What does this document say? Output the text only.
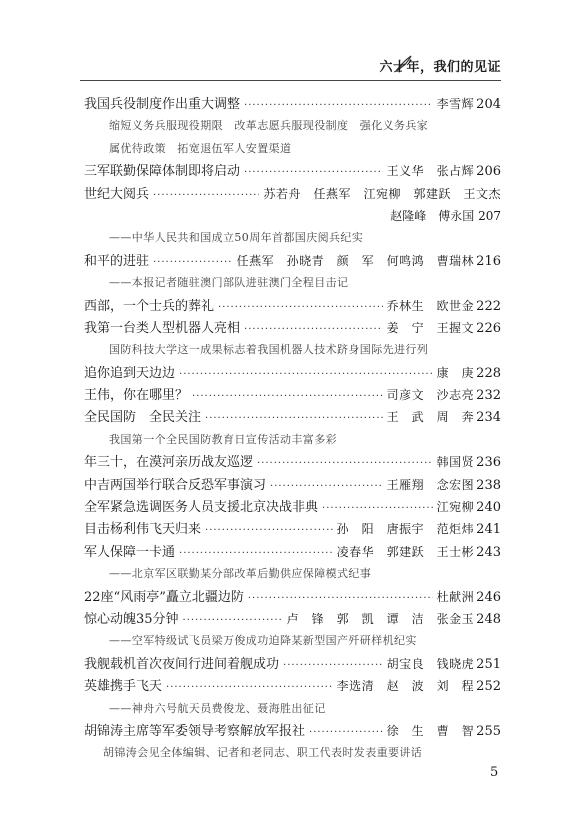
六十年，我们的见证
我国兵役制度作出重大调整 ·····	李雪辉 204
缩短义务兵服现役期限　改革志愿兵服现役制度　强化义务兵家
属优待政策　拓宽退伍军人安置渠道
三军联勤保障体制即将启动 ·····	王义华　张占辉 206
世纪大阅兵 ·····	苏若舟　任燕军　江宛柳　郭建跃　王文杰
赵隆峰　傅永国 207
——中华人民共和国成立50周年首都国庆阅兵纪实
和平的进驻 ·····	任燕军　孙晓青　颜　军　何鸣鸿　曹瑞林 216
——本报记者随驻澳门部队进驻澳门全程目击记
西部，一个士兵的葬礼 ·····	乔林生　欧世金 222
我第一台类人型机器人亮相 ·····	姜　宁　王握文 226
国防科技大学这一成果标志着我国机器人技术跻身国际先进行列
追你追到天边边 ·····	康　庚 228
王伟，你在哪里？ ·····	司彦文　沙志亮 232
全民国防　全民关注 ·····	王　武　周　奔 234
我国第一个全民国防教育日宣传活动丰富多彩
年三十，在漠河亲历战友巡逻 ·····	韩国贤 236
中吉两国举行联合反恐军事演习 ·····	王雁翔　念宏图 238
全军紧急选调医务人员支援北京决战非典 ·····	江宛柳 240
目击杨利伟飞天归来 ·····	孙　阳　唐振宇　范炬炜 241
军人保障一卡通 ·····	凌春华　郭建跃　王士彬 243
——北京军区联勤某分部改革后勤供应保障模式纪事
22座“风雨亭”矗立北疆边防 ·····	杜献洲 246
惊心动魄35分钟 ·····	卢　锋　郭　凯　谭　洁　张金玉 248
——空军特级试飞员梁万俊成功迫降某新型国产歼研样机纪实
我舰载机首次夜间行进间着舰成功 ·····	胡宝良　钱晓虎 251
英雄携手飞天 ·····	李选清　赵　波　刘　程 252
——神舟六号航天员费俊龙、聂海胜出征记
胡锦涛主席等军委领导考察解放军报社 ·····	徐　生　曹　智 255
胡锦涛会见全体编辑、记者和老同志、职工代表时发表重要讲话
5
